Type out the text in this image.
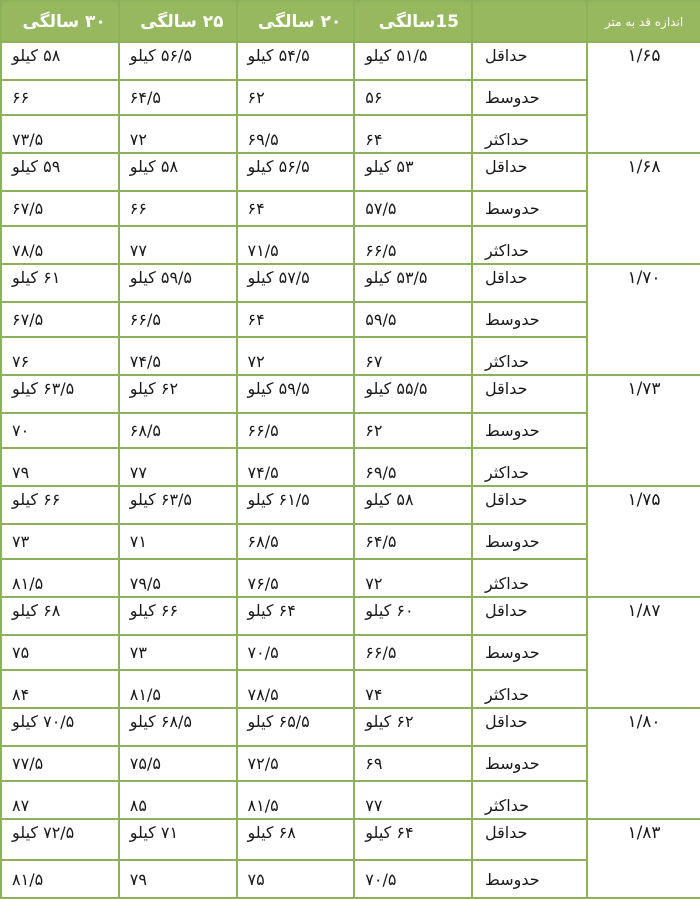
اندازه قد به متر		15سالگی	۲۰ سالگی	۲۵ سالگی	۳۰ سالگی
۱/۶۵	حداقل	۵۱/۵ کیلو	۵۴/۵ کیلو	۵۶/۵ کیلو	۵۸ کیلو
	حدوسط	۵۶	۶۲	۶۴/۵	۶۶
	حداکثر	۶۴	۶۹/۵	۷۲	۷۳/۵
۱/۶۸	حداقل	۵۳ کیلو	۵۶/۵ کیلو	۵۸ کیلو	۵۹ کیلو
	حدوسط	۵۷/۵	۶۴	۶۶	۶۷/۵
	حداکثر	۶۶/۵	۷۱/۵	۷۷	۷۸/۵
۱/۷۰	حداقل	۵۳/۵ کیلو	۵۷/۵ کیلو	۵۹/۵ کیلو	۶۱ کیلو
	حدوسط	۵۹/۵	۶۴	۶۶/۵	۶۷/۵
	حداکثر	۶۷	۷۲	۷۴/۵	۷۶
۱/۷۳	حداقل	۵۵/۵ کیلو	۵۹/۵ کیلو	۶۲ کیلو	۶۳/۵ کیلو
	حدوسط	۶۲	۶۶/۵	۶۸/۵	۷۰
	حداکثر	۶۹/۵	۷۴/۵	۷۷	۷۹
۱/۷۵	حداقل	۵۸ کیلو	۶۱/۵ کیلو	۶۳/۵ کیلو	۶۶ کیلو
	حدوسط	۶۴/۵	۶۸/۵	۷۱	۷۳
	حداکثر	۷۲	۷۶/۵	۷۹/۵	۸۱/۵
۱/۸۷	حداقل	۶۰ کیلو	۶۴ کیلو	۶۶ کیلو	۶۸ کیلو
	حدوسط	۶۶/۵	۷۰/۵	۷۳	۷۵
	حداکثر	۷۴	۷۸/۵	۸۱/۵	۸۴
۱/۸۰	حداقل	۶۲ کیلو	۶۵/۵ کیلو	۶۸/۵ کیلو	۷۰/۵ کیلو
	حدوسط	۶۹	۷۲/۵	۷۵/۵	۷۷/۵
	حداکثر	۷۷	۸۱/۵	۸۵	۸۷
۱/۸۳	حداقل	۶۴ کیلو	۶۸ کیلو	۷۱ کیلو	۷۲/۵ کیلو
	حدوسط	۷۰/۵	۷۵	۷۹	۸۱/۵
